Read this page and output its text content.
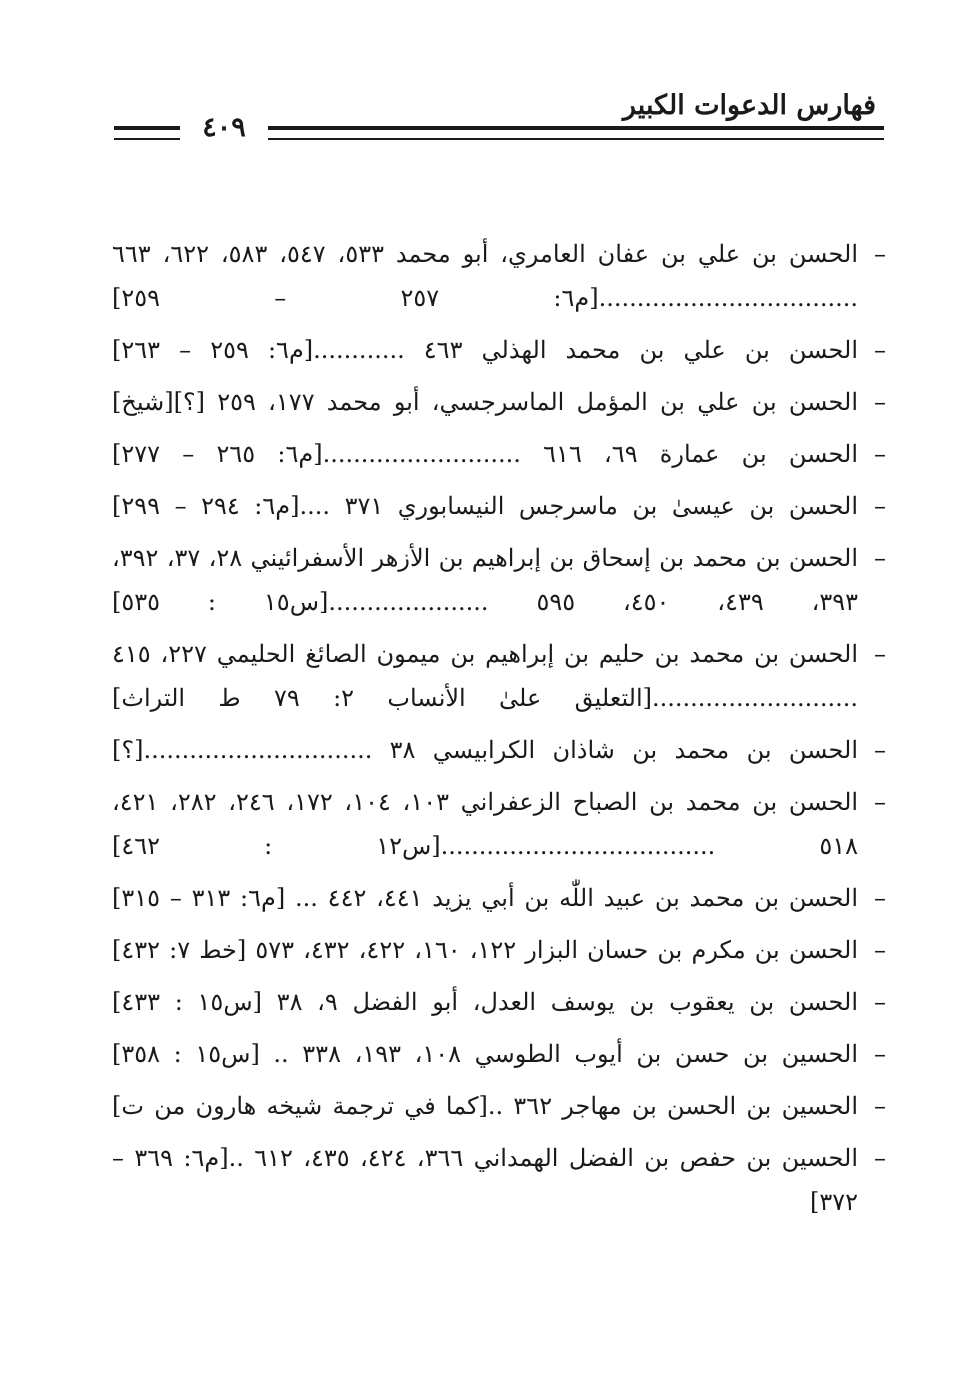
فهارس الدعوات الكبير
٤٠٩
– الحسن بن علي بن عفان العامري، أبو محمد ٥٣٣، ٥٤٧، ٥٨٣، ٦٢٢، ٦٦٣ ..................................[م٦: ٢٥٧ – ٢٥٩]
– الحسن بن علي بن محمد الهذلي ٤٦٣ ............[م٦: ٢٥٩ – ٢٦٣]
– الحسن بن علي بن المؤمل الماسرجسي، أبو محمد ١٧٧، ٢٥٩ [؟][شيخ]
– الحسن بن عمارة ٦٩، ٦١٦ ..........................[م٦: ٢٦٥ – ٢٧٧]
– الحسن بن عيسىٰ بن ماسرجس النيسابوري ٣٧١ ....[م٦: ٢٩٤ – ٢٩٩]
– الحسن بن محمد بن إسحاق بن إبراهيم بن الأزهر الأسفرائيني ٢٨، ٣٧، ٣٩٢، ٣٩٣، ٤٣٩، ٤٥٠، ٥٩٥ .....................[س١٥ : ٥٣٥]
– الحسن بن محمد بن حليم بن إبراهيم بن ميمون الصائغ الحليمي ٢٢٧، ٤١٥ ...........................[التعليق علىٰ الأنساب ٢: ٧٩ ط التراث]
– الحسن بن محمد بن شاذان الكرابيسي ٣٨ ..............................[؟]
– الحسن بن محمد بن الصباح الزعفراني ١٠٣، ١٠٤، ١٧٢، ٢٤٦، ٢٨٢، ٤٢١، ٥١٨ ....................................[س١٢ : ٤٦٢]
– الحسن بن محمد بن عبيد اللّٰه بن أبي يزيد ٤٤١، ٤٤٢ ... [م٦: ٣١٣ – ٣١٥]
– الحسن بن مكرم بن حسان البزار ١٢٢، ١٦٠، ٤٢٢، ٤٣٢، ٥٧٣ [خط ٧: ٤٣٢]
– الحسن بن يعقوب بن يوسف العدل، أبو الفضل ٩، ٣٨ [س١٥ : ٤٣٣]
– الحسين بن حسن بن أيوب الطوسي ١٠٨، ١٩٣، ٣٣٨ .. [س١٥ : ٣٥٨]
– الحسين بن الحسن بن مهاجر ٣٦٢ ..[كما في ترجمة شيخه هارون من ت]
– الحسين بن حفص بن الفضل الهمداني ٣٦٦، ٤٢٤، ٤٣٥، ٦١٢ ..[م٦: ٣٦٩ – ٣٧٢]
